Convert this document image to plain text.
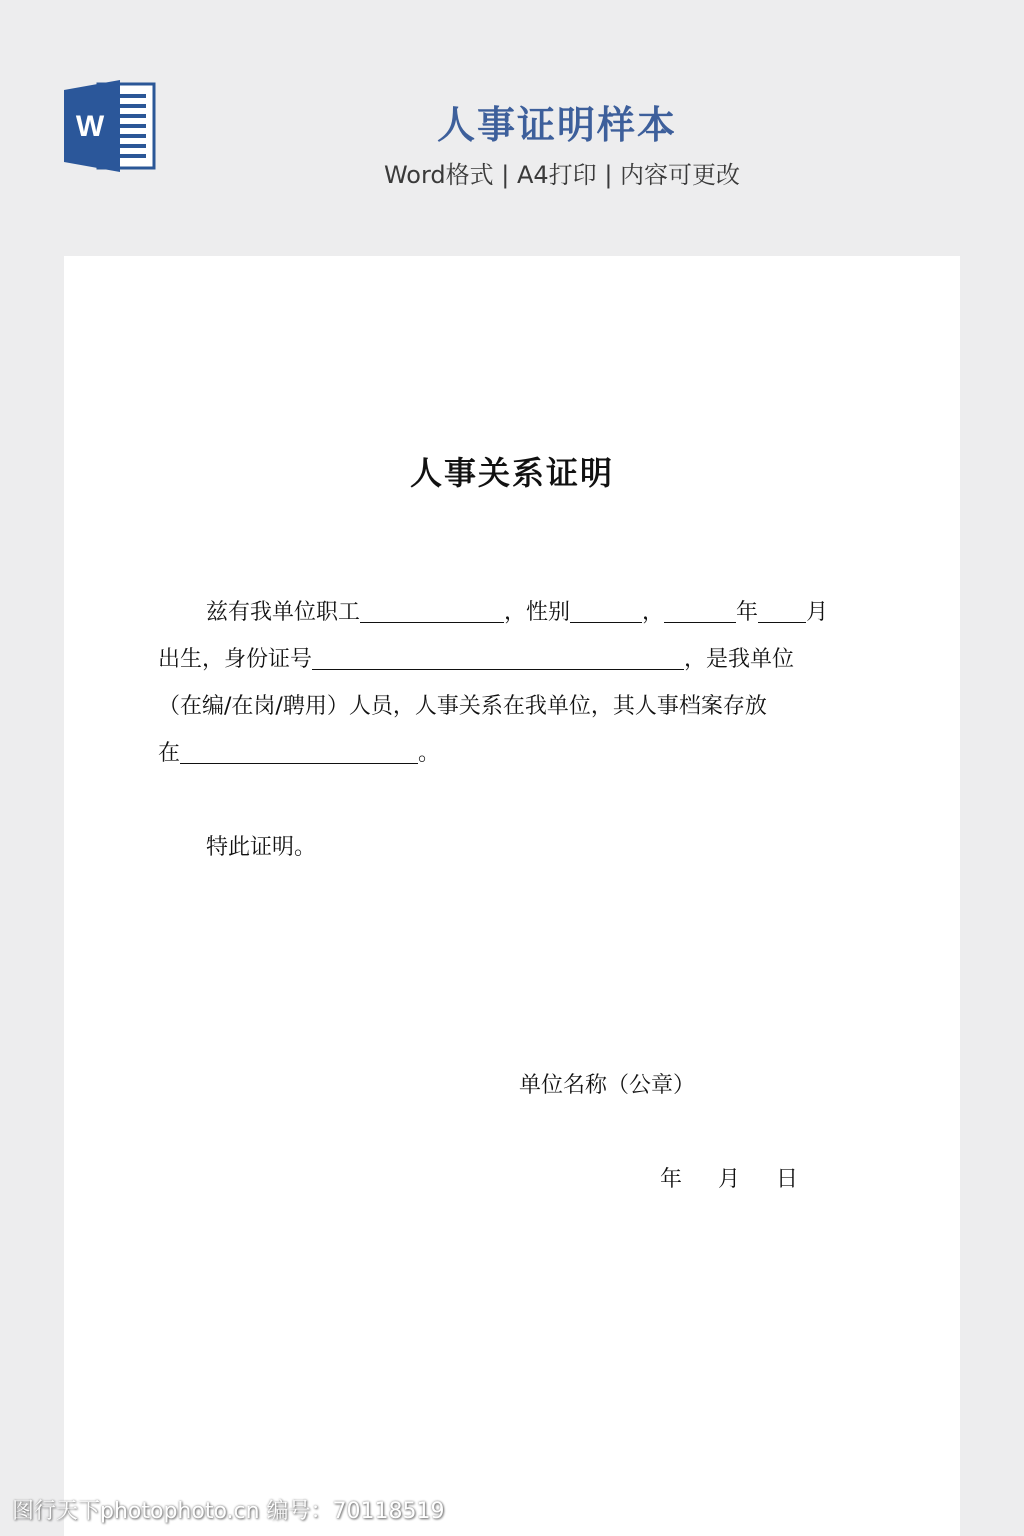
W	人事证明样本
Word格式 | A4打印 | 内容可更改
人事关系证明
兹有我单位职工	，性别	，	年 月
出生，身份证号	，是我单位
（在编/在岗/聘用）人员，人事关系在我单位，其人事档案存放
在	。
特此证明。
单位名称（公章）
年 月 日
图行天下photophoto.cn 编号：70118519
